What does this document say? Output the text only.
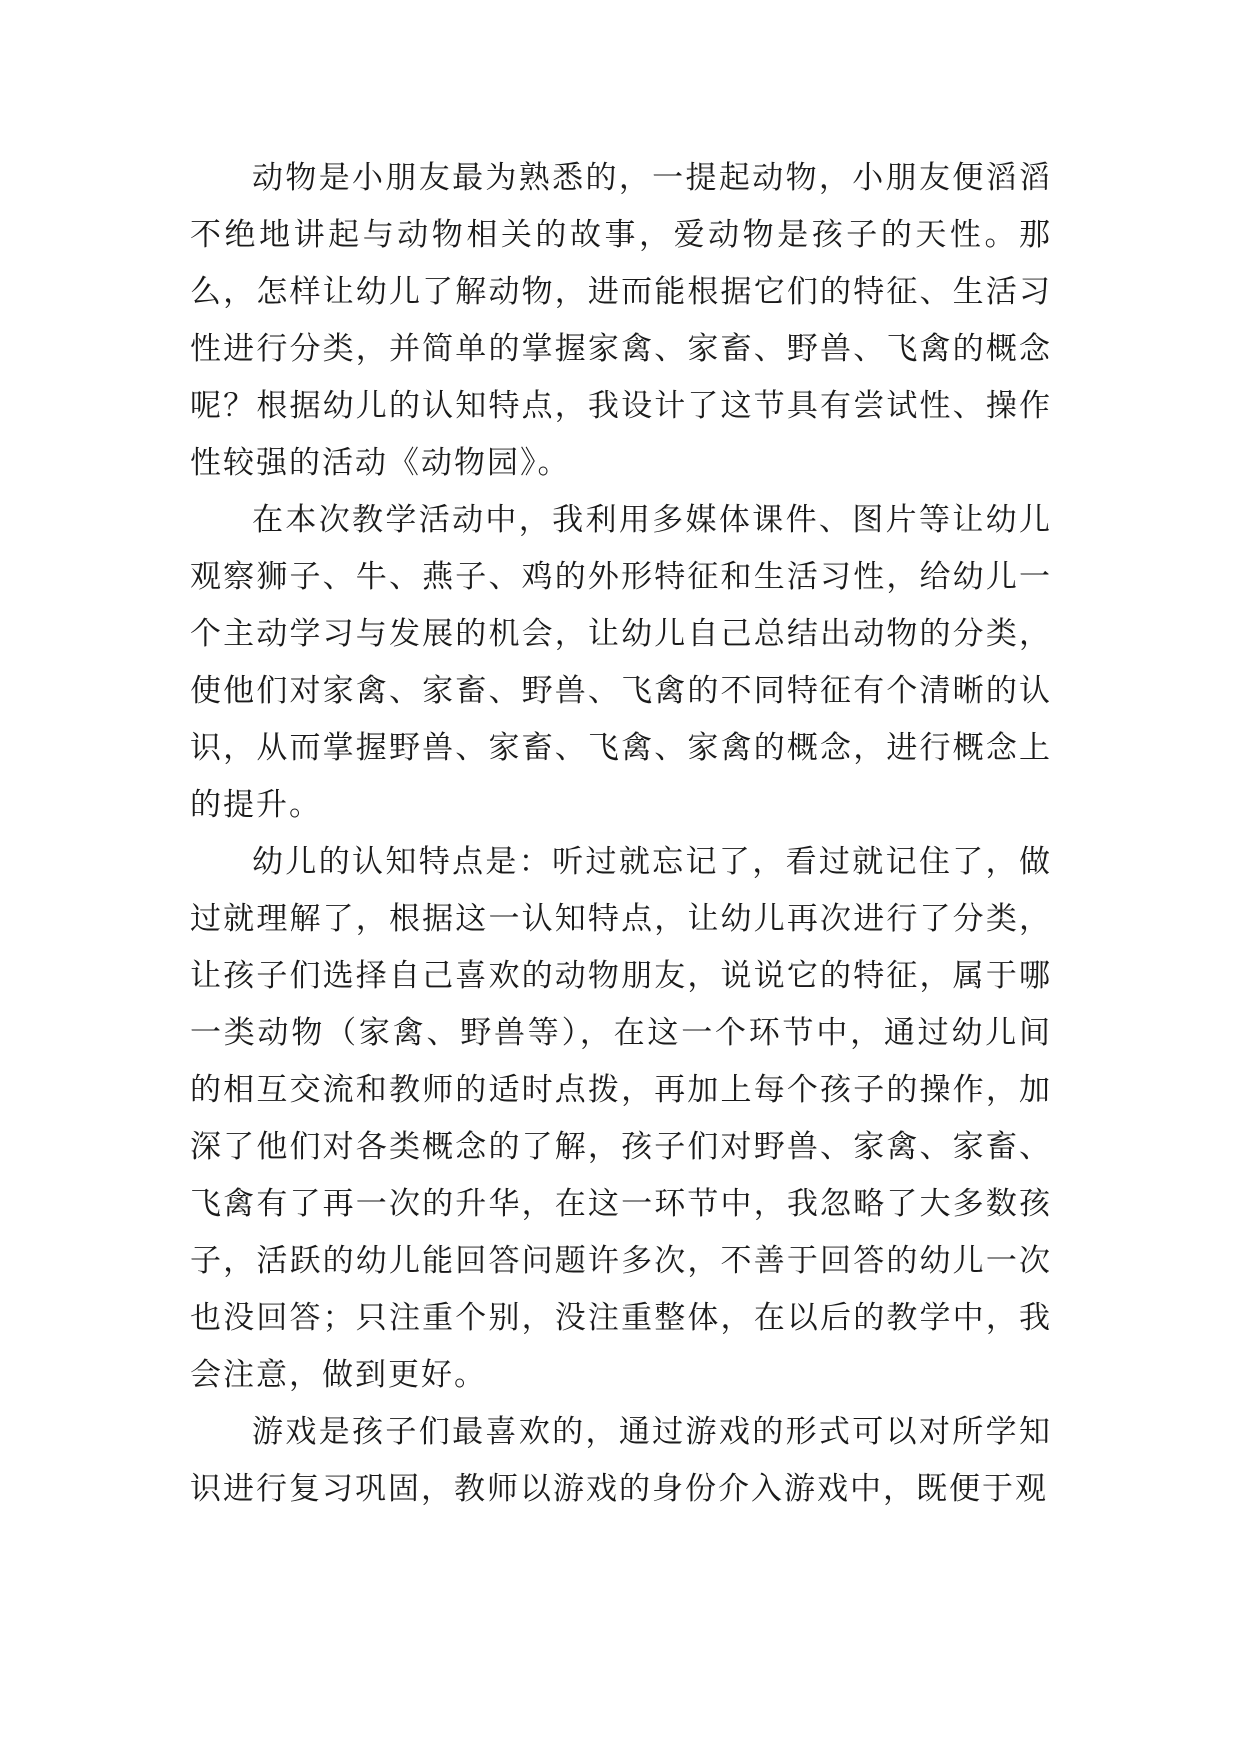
动物是小朋友最为熟悉的，一提起动物，小朋友便滔滔不绝地讲起与动物相关的故事，爱动物是孩子的天性。那么，怎样让幼儿了解动物，进而能根据它们的特征、生活习性进行分类，并简单的掌握家禽、家畜、野兽、飞禽的概念呢？根据幼儿的认知特点，我设计了这节具有尝试性、操作性较强的活动《动物园》。

在本次教学活动中，我利用多媒体课件、图片等让幼儿观察狮子、牛、燕子、鸡的外形特征和生活习性，给幼儿一个主动学习与发展的机会，让幼儿自己总结出动物的分类，使他们对家禽、家畜、野兽、飞禽的不同特征有个清晰的认识，从而掌握野兽、家畜、飞禽、家禽的概念，进行概念上的提升。

幼儿的认知特点是：听过就忘记了，看过就记住了，做过就理解了，根据这一认知特点，让幼儿再次进行了分类，让孩子们选择自己喜欢的动物朋友，说说它的特征，属于哪一类动物（家禽、野兽等），在这一个环节中，通过幼儿间的相互交流和教师的适时点拨，再加上每个孩子的操作，加深了他们对各类概念的了解，孩子们对野兽、家禽、家畜、飞禽有了再一次的升华，在这一环节中，我忽略了大多数孩子，活跃的幼儿能回答问题许多次，不善于回答的幼儿一次也没回答；只注重个别，没注重整体，在以后的教学中，我会注意，做到更好。

游戏是孩子们最喜欢的，通过游戏的形式可以对所学知识进行复习巩固，教师以游戏的身份介入游戏中，既便于观
